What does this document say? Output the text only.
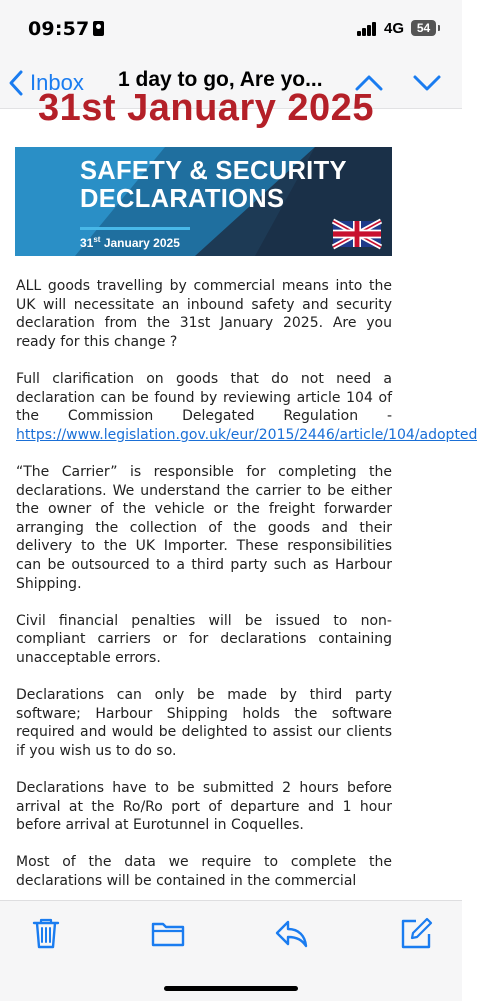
09:57	4G	54
Inbox 1 day to go, Are yo...
31st January 2025
SAFETY & SECURITY
DECLARATIONS
31st January 2025

ALL goods travelling by commercial means into the UK will necessitate an inbound safety and security declaration from the 31st January 2025. Are you ready for this change ?

Full clarification on goods that do not need a declaration can be found by reviewing article 104 of the Commission Delegated Regulation - https://www.legislation.gov.uk/eur/2015/2446/article/104/adopted

“The Carrier” is responsible for completing the declarations. We understand the carrier to be either the owner of the vehicle or the freight forwarder arranging the collection of the goods and their delivery to the UK Importer. These responsibilities can be outsourced to a third party such as Harbour Shipping.

Civil financial penalties will be issued to non-compliant carriers or for declarations containing unacceptable errors.

Declarations can only be made by third party software; Harbour Shipping holds the software required and would be delighted to assist our clients if you wish us to do so.

Declarations have to be submitted 2 hours before arrival at the Ro/Ro port of departure and 1 hour before arrival at Eurotunnel in Coquelles.

Most of the data we require to complete the declarations will be contained in the commercial
